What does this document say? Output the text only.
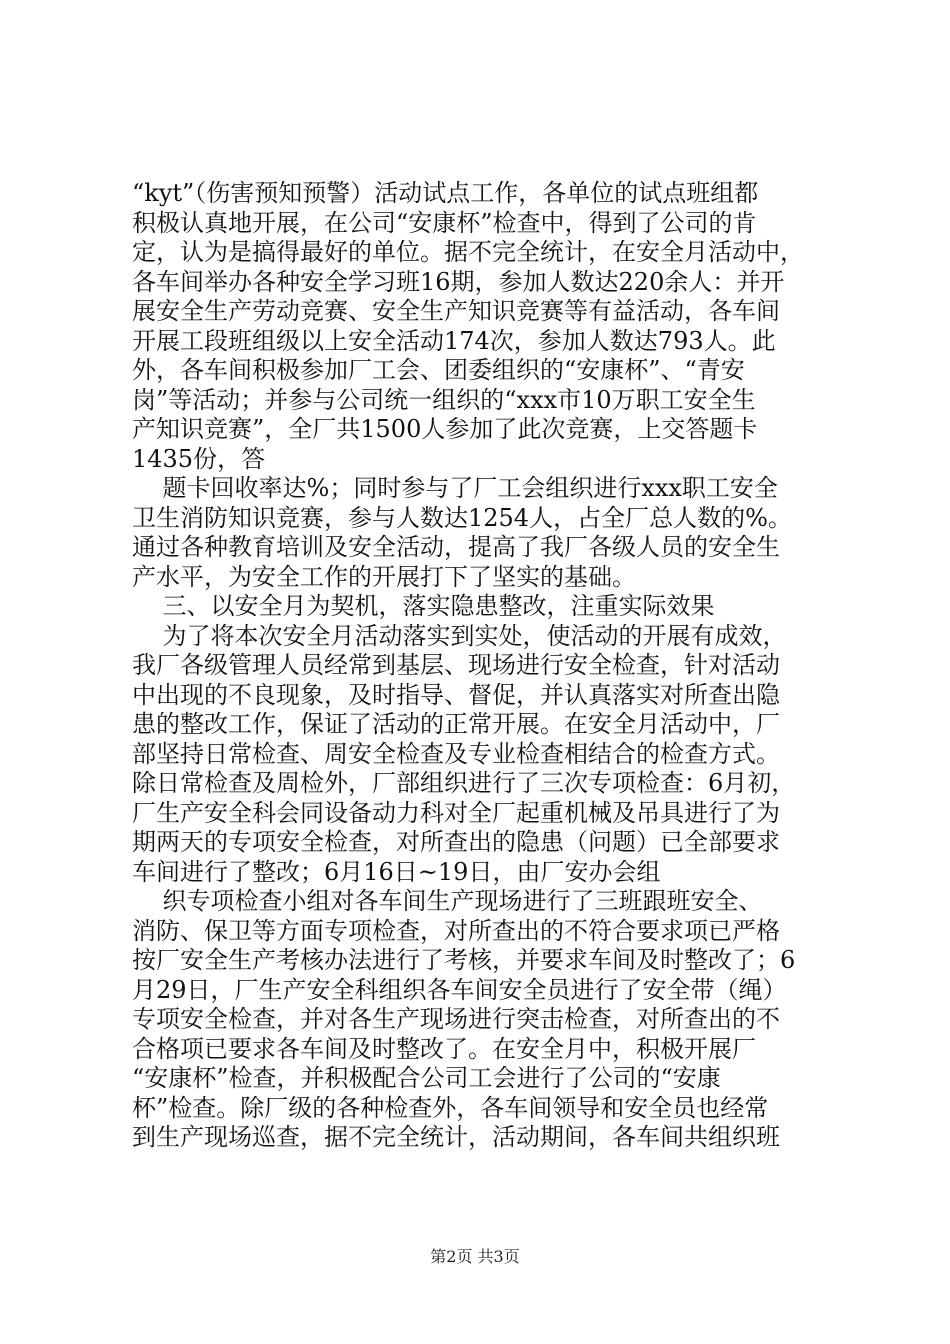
“kyt”（伤害预知预警）活动试点工作，各单位的试点班组都
积极认真地开展，在公司“安康杯”检查中，得到了公司的肯
定，认为是搞得最好的单位。据不完全统计，在安全月活动中，
各车间举办各种安全学习班16期，参加人数达220余人：并开
展安全生产劳动竞赛、安全生产知识竞赛等有益活动，各车间
开展工段班组级以上安全活动174次，参加人数达793人。此
外，各车间积极参加厂工会、团委组织的“安康杯”、“青安
岗”等活动；并参与公司统一组织的“xxx市10万职工安全生
产知识竞赛”，全厂共1500人参加了此次竞赛，上交答题卡
1435份，答
题卡回收率达%；同时参与了厂工会组织进行xxx职工安全
卫生消防知识竞赛，参与人数达1254人，占全厂总人数的%。
通过各种教育培训及安全活动，提高了我厂各级人员的安全生
产水平，为安全工作的开展打下了坚实的基础。
三、以安全月为契机，落实隐患整改，注重实际效果
为了将本次安全月活动落实到实处，使活动的开展有成效，
我厂各级管理人员经常到基层、现场进行安全检查，针对活动
中出现的不良现象，及时指导、督促，并认真落实对所查出隐
患的整改工作，保证了活动的正常开展。在安全月活动中，厂
部坚持日常检查、周安全检查及专业检查相结合的检查方式。
除日常检查及周检外，厂部组织进行了三次专项检查：6月初，
厂生产安全科会同设备动力科对全厂起重机械及吊具进行了为
期两天的专项安全检查，对所查出的隐患（问题）已全部要求
车间进行了整改；6月16日~19日，由厂安办会组
织专项检查小组对各车间生产现场进行了三班跟班安全、
消防、保卫等方面专项检查，对所查出的不符合要求项已严格
按厂安全生产考核办法进行了考核，并要求车间及时整改了；6
月29日，厂生产安全科组织各车间安全员进行了安全带（绳）
专项安全检查，并对各生产现场进行突击检查，对所查出的不
合格项已要求各车间及时整改了。在安全月中，积极开展厂
“安康杯”检查，并积极配合公司工会进行了公司的“安康
杯”检查。除厂级的各种检查外，各车间领导和安全员也经常
到生产现场巡查，据不完全统计，活动期间，各车间共组织班
第2页 共3页
